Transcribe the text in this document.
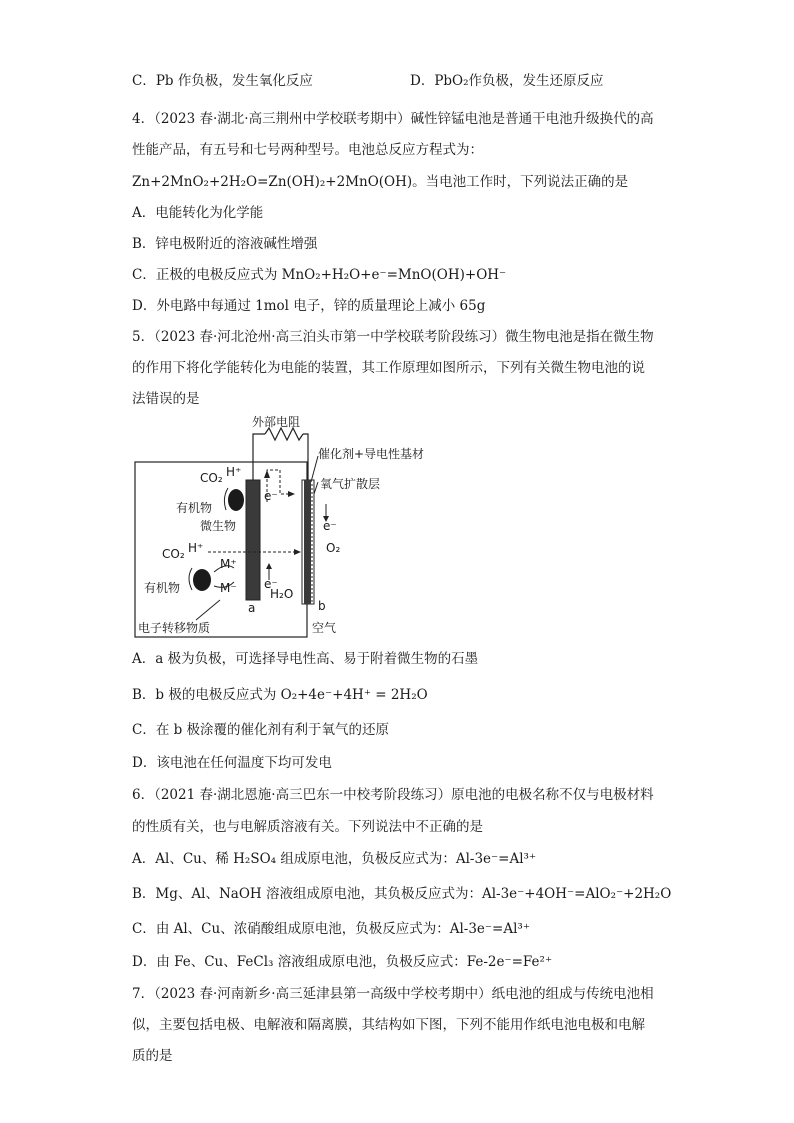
C．Pb 作负极，发生氧化反应	D．PbO₂作负极，发生还原反应
4．（2023 春·湖北·高三荆州中学校联考期中）碱性锌锰电池是普通干电池升级换代的高
性能产品，有五号和七号两种型号。电池总反应方程式为：
Zn+2MnO₂+2H₂O=Zn(OH)₂+2MnO(OH)。当电池工作时，下列说法正确的是
A．电能转化为化学能
B．锌电极附近的溶液碱性增强
C．正极的电极反应式为 MnO₂+H₂O+e⁻=MnO(OH)+OH⁻
D．外电路中每通过 1mol 电子，锌的质量理论上减小 65g
5．（2023 春·河北沧州·高三泊头市第一中学校联考阶段练习）微生物电池是指在微生物
的作用下将化学能转化为电能的装置，其工作原理如图所示，下列有关微生物电池的说
法错误的是
外部电阻
催化剂+导电性基材
氧气扩散层
CO₂ H⁺
有机物
微生物
CO₂ H⁺
有机物
M⁺
M⁻
e⁻
e⁻
e⁻
O₂
H₂O
a	b
电子转移物质	空气
A．a 极为负极，可选择导电性高、易于附着微生物的石墨
B．b 极的电极反应式为 O₂+4e⁻+4H⁺ = 2H₂O
C．在 b 极涂覆的催化剂有利于氧气的还原
D．该电池在任何温度下均可发电
6．（2021 春·湖北恩施·高三巴东一中校考阶段练习）原电池的电极名称不仅与电极材料
的性质有关，也与电解质溶液有关。下列说法中不正确的是
A．Al、Cu、稀 H₂SO₄ 组成原电池，负极反应式为：Al-3e⁻=Al³⁺
B．Mg、Al、NaOH 溶液组成原电池，其负极反应式为：Al-3e⁻+4OH⁻=AlO₂⁻+2H₂O
C．由 Al、Cu、浓硝酸组成原电池，负极反应式为：Al-3e⁻=Al³⁺
D．由 Fe、Cu、FeCl₃ 溶液组成原电池，负极反应式：Fe-2e⁻=Fe²⁺
7．（2023 春·河南新乡·高三延津县第一高级中学校考期中）纸电池的组成与传统电池相
似，主要包括电极、电解液和隔离膜，其结构如下图，下列不能用作纸电池电极和电解
质的是
